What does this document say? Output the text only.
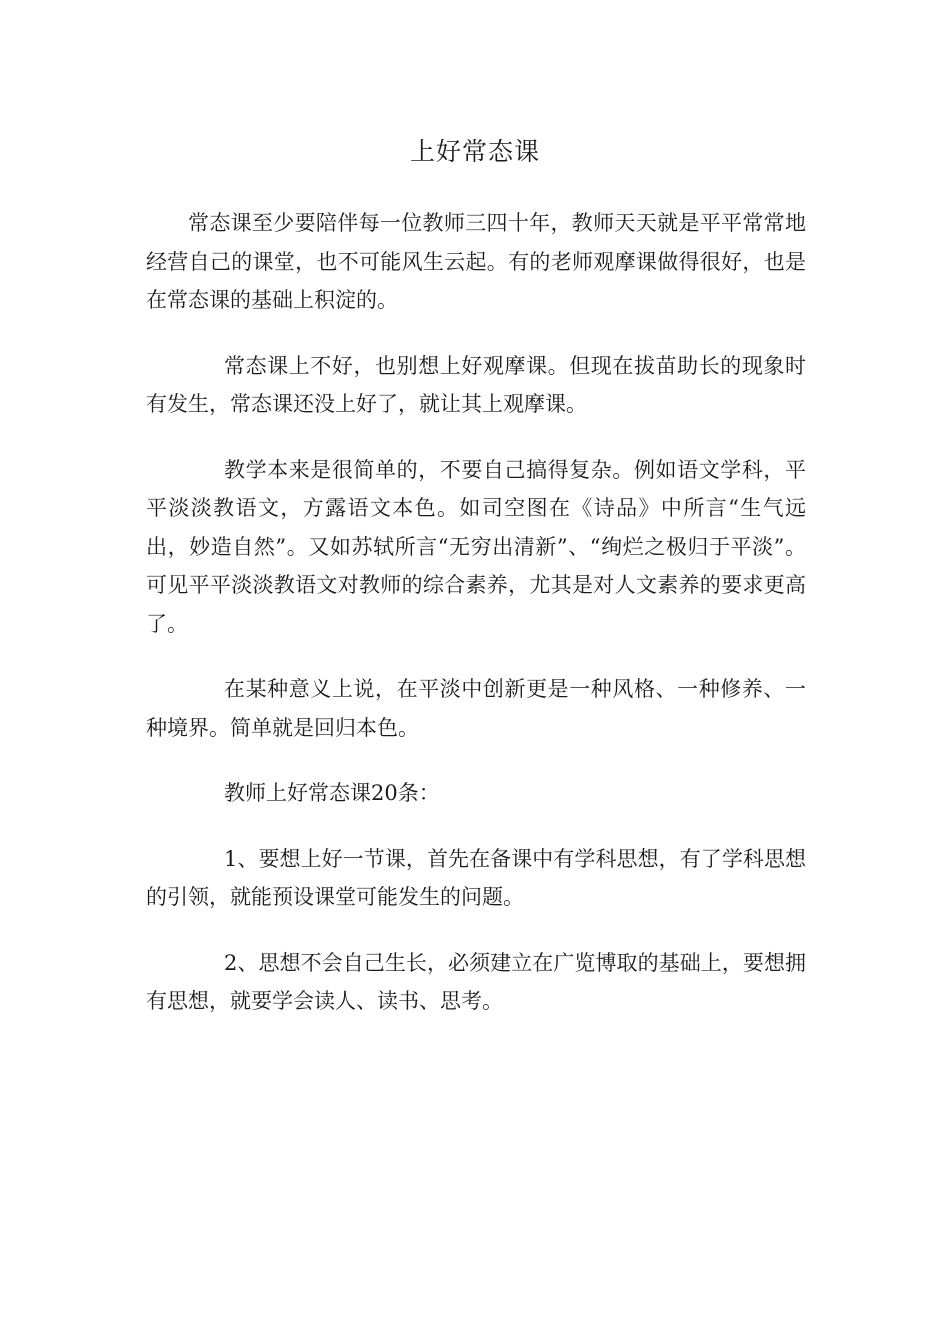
上好常态课

常态课至少要陪伴每一位教师三四十年，教师天天就是平平常常地经营自己的课堂，也不可能风生云起。有的老师观摩课做得很好，也是在常态课的基础上积淀的。

常态课上不好，也别想上好观摩课。但现在拔苗助长的现象时有发生，常态课还没上好了，就让其上观摩课。

教学本来是很简单的，不要自己搞得复杂。例如语文学科，平平淡淡教语文，方露语文本色。如司空图在《诗品》中所言“生气远出，妙造自然”。又如苏轼所言“无穷出清新”、“绚烂之极归于平淡”。可见平平淡淡教语文对教师的综合素养，尤其是对人文素养的要求更高了。

在某种意义上说，在平淡中创新更是一种风格、一种修养、一种境界。简单就是回归本色。

教师上好常态课20条：

1、要想上好一节课，首先在备课中有学科思想，有了学科思想的引领，就能预设课堂可能发生的问题。

2、思想不会自己生长，必须建立在广览博取的基础上，要想拥有思想，就要学会读人、读书、思考。
